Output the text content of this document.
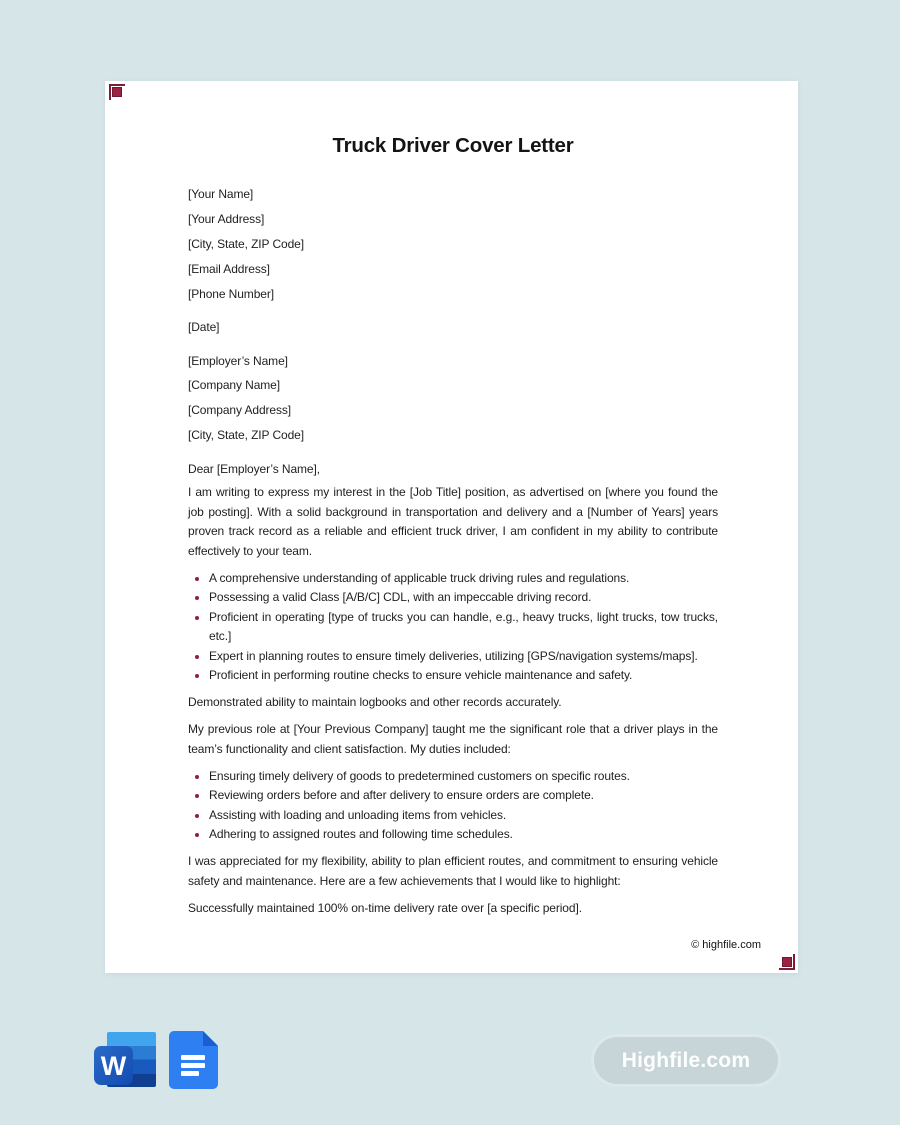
Truck Driver Cover Letter

[Your Name]

[Your Address]

[City, State, ZIP Code]

[Email Address]

[Phone Number]

[Date]

[Employer’s Name]

[Company Name]

[Company Address]

[City, State, ZIP Code]

Dear [Employer’s Name],

I am writing to express my interest in the [Job Title] position, as advertised on [where you found the job posting]. With a solid background in transportation and delivery and a [Number of Years] years proven track record as a reliable and efficient truck driver, I am confident in my ability to contribute effectively to your team.

• A comprehensive understanding of applicable truck driving rules and regulations.
• Possessing a valid Class [A/B/C] CDL, with an impeccable driving record.
• Proficient in operating [type of trucks you can handle, e.g., heavy trucks, light trucks, tow trucks, etc.]
• Expert in planning routes to ensure timely deliveries, utilizing [GPS/navigation systems/maps].
• Proficient in performing routine checks to ensure vehicle maintenance and safety.

Demonstrated ability to maintain logbooks and other records accurately.

My previous role at [Your Previous Company] taught me the significant role that a driver plays in the team’s functionality and client satisfaction. My duties included:

• Ensuring timely delivery of goods to predetermined customers on specific routes.
• Reviewing orders before and after delivery to ensure orders are complete.
• Assisting with loading and unloading items from vehicles.
• Adhering to assigned routes and following time schedules.

I was appreciated for my flexibility, ability to plan efficient routes, and commitment to ensuring vehicle safety and maintenance. Here are a few achievements that I would like to highlight:

Successfully maintained 100% on-time delivery rate over [a specific period].

© highfile.com
W	Highfile.com
